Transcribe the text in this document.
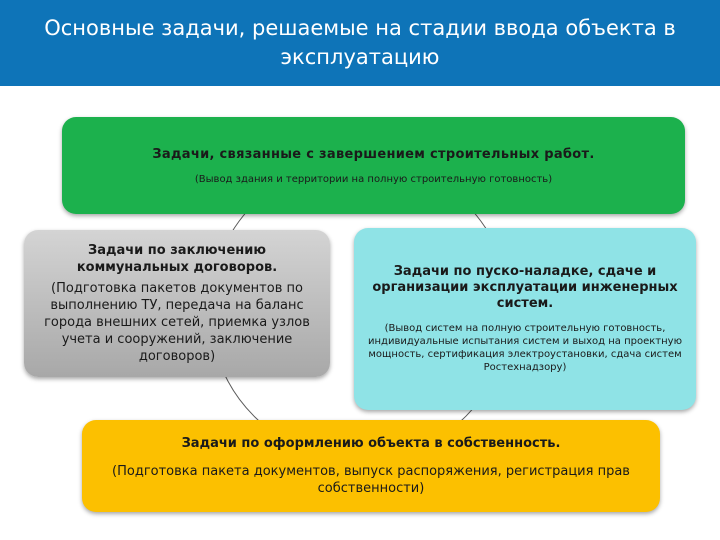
Основные задачи, решаемые на стадии ввода объекта в эксплуатацию
Задачи, связанные с завершением строительных работ.
(Вывод здания и территории на полную строительную готовность)
Задачи по заключению коммунальных договоров.
(Подготовка пакетов документов по выполнению ТУ, передача на баланс города внешних сетей, приемка узлов учета и сооружений, заключение договоров)
Задачи по пуско-наладке, сдаче и организации эксплуатации инженерных систем.
(Вывод систем на полную строительную готовность, индивидуальные испытания систем и выход на проектную мощность, сертификация электроустановки, сдача систем Ростехнадзору)
Задачи по оформлению объекта в собственность.
(Подготовка пакета документов, выпуск распоряжения, регистрация прав собственности)
